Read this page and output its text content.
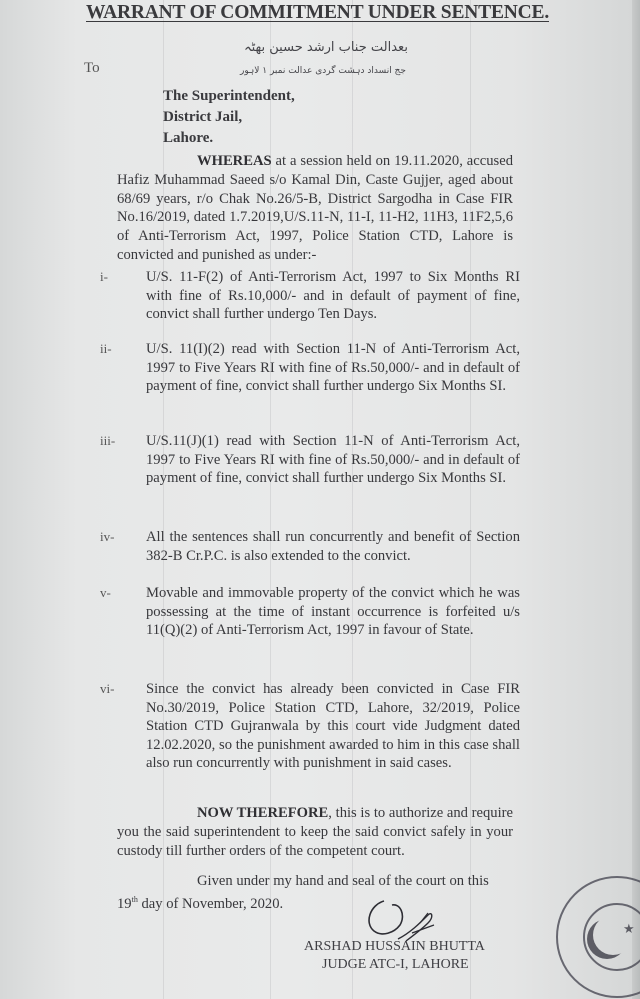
WARRANT OF COMMITMENT UNDER SENTENCE.
بعدالت جناب ارشد حسین بھٹہ
جج انسداد دہشت گردی عدالت نمبر ۱ لاہور
To
The Superintendent,
District Jail,
Lahore.
WHEREAS at a session held on 19.11.2020, accused Hafiz Muhammad Saeed s/o Kamal Din, Caste Gujjer, aged about 68/69 years, r/o Chak No.26/5-B, District Sargodha in Case FIR No.16/2019, dated 1.7.2019,U/S.11-N, 11-I, 11-H2, 11H3, 11F2,5,6 of Anti-Terrorism Act, 1997, Police Station CTD, Lahore is convicted and punished as under:-
i-	U/S. 11-F(2) of Anti-Terrorism Act, 1997 to Six Months RI with fine of Rs.10,000/- and in default of payment of fine, convict shall further undergo Ten Days.
ii- U/S. 11(I)(2) read with Section 11-N of Anti-Terrorism Act, 1997 to Five Years RI with fine of Rs.50,000/- and in default of payment of fine, convict shall further undergo Six Months SI.
iii- U/S.11(J)(1) read with Section 11-N of Anti-Terrorism Act, 1997 to Five Years RI with fine of Rs.50,000/- and in default of payment of fine, convict shall further undergo Six Months SI.
iv- All the sentences shall run concurrently and benefit of Section 382-B Cr.P.C. is also extended to the convict.
v- Movable and immovable property of the convict which he was possessing at the time of instant occurrence is forfeited u/s 11(Q)(2) of Anti-Terrorism Act, 1997 in favour of State.
vi- Since the convict has already been convicted in Case FIR No.30/2019, Police Station CTD, Lahore, 32/2019, Police Station CTD Gujranwala by this court vide Judgment dated 12.02.2020, so the punishment awarded to him in this case shall also run concurrently with punishment in said cases.
NOW THEREFORE, this is to authorize and require you the said superintendent to keep the said convict safely in your custody till further orders of the competent court.
Given under my hand and seal of the court on this
19th day of November, 2020.
ARSHAD HUSSAIN BHUTTA
JUDGE ATC-I, LAHORE
★
